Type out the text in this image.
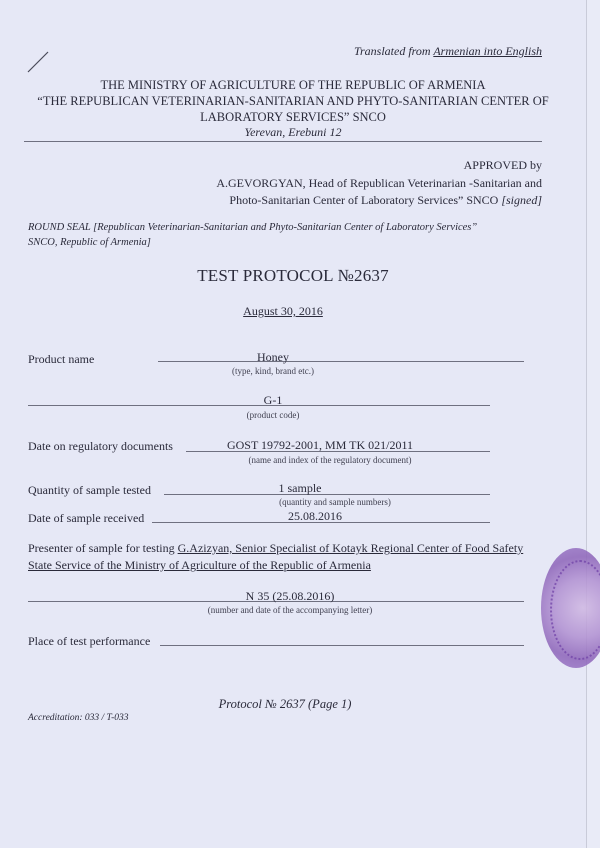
Translated from Armenian into English
THE MINISTRY OF AGRICULTURE OF THE REPUBLIC OF ARMENIA
“THE REPUBLICAN VETERINARIAN-SANITARIAN AND PHYTO-SANITARIAN CENTER OF
LABORATORY SERVICES” SNCO
Yerevan, Erebuni 12
APPROVED by
A.GEVORGYAN, Head of Republican Veterinarian -Sanitarian and
Photo-Sanitarian Center of Laboratory Services” SNCO [signed]
ROUND SEAL [Republican Veterinarian-Sanitarian and Phyto-Sanitarian Center of Laboratory Services”
SNCO, Republic of Armenia]
TEST PROTOCOL №2637
August 30, 2016
Product name	Honey
(type, kind, brand etc.)
G-1
(product code)
Date on regulatory documents	GOST 19792-2001, MM TK 021/2011
(name and index of the regulatory document)
Quantity of sample tested	1 sample
(quantity and sample numbers)
Date of sample received	25.08.2016
Presenter of sample for testing G.Azizyan, Senior Specialist of Kotayk Regional Center of Food Safety
State Service of the Ministry of Agriculture of the Republic of Armenia
N 35 (25.08.2016)
(number and date of the accompanying letter)
Place of test performance
Protocol № 2637 (Page 1)
Accreditation: 033 / T-033
